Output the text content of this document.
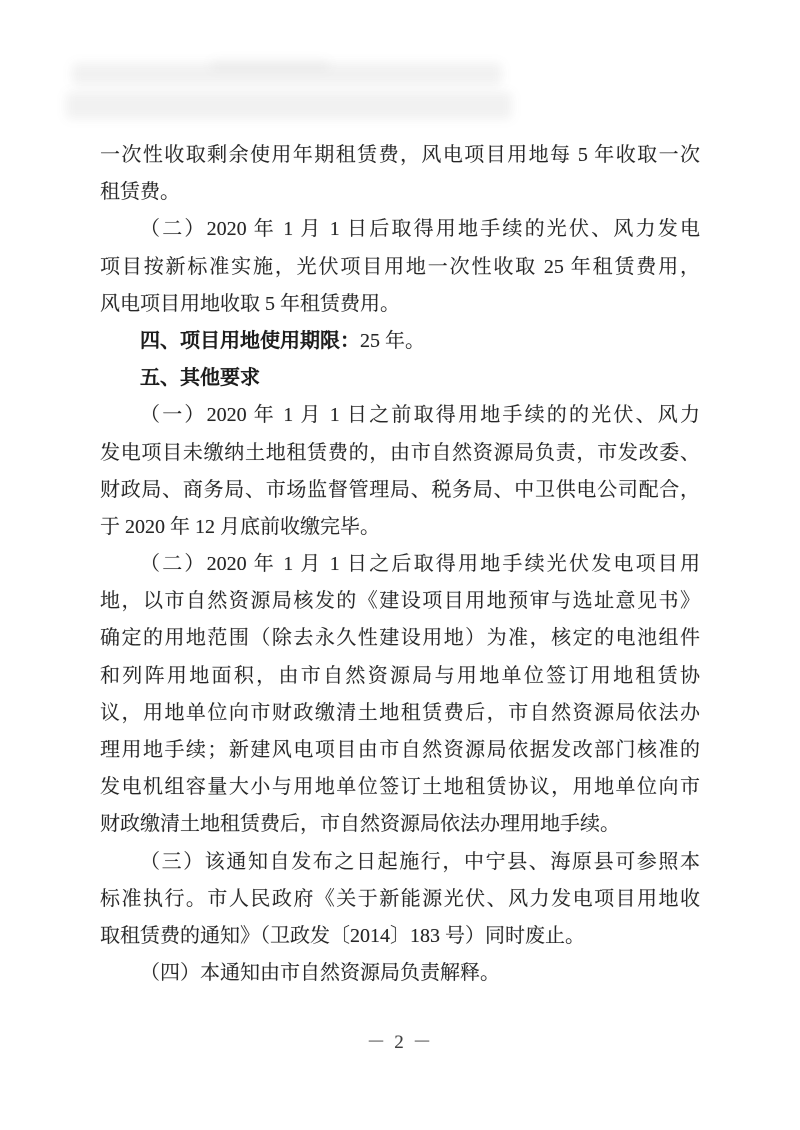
一次性收取剩余使用年期租赁费，风电项目用地每 5 年收取一次
租赁费。
（二）2020 年 1 月 1 日后取得用地手续的光伏、风力发电
项目按新标准实施，光伏项目用地一次性收取 25 年租赁费用，
风电项目用地收取 5 年租赁费用。
四、项目用地使用期限：25 年。
五、其他要求
（一）2020 年 1 月 1 日之前取得用地手续的的光伏、风力
发电项目未缴纳土地租赁费的，由市自然资源局负责，市发改委、
财政局、商务局、市场监督管理局、税务局、中卫供电公司配合，
于 2020 年 12 月底前收缴完毕。
（二）2020 年 1 月 1 日之后取得用地手续光伏发电项目用
地，以市自然资源局核发的《建设项目用地预审与选址意见书》
确定的用地范围（除去永久性建设用地）为准，核定的电池组件
和列阵用地面积，由市自然资源局与用地单位签订用地租赁协
议，用地单位向市财政缴清土地租赁费后，市自然资源局依法办
理用地手续；新建风电项目由市自然资源局依据发改部门核准的
发电机组容量大小与用地单位签订土地租赁协议，用地单位向市
财政缴清土地租赁费后，市自然资源局依法办理用地手续。
（三）该通知自发布之日起施行，中宁县、海原县可参照本
标准执行。市人民政府《关于新能源光伏、风力发电项目用地收
取租赁费的通知》（卫政发〔2014〕183 号）同时废止。
（四）本通知由市自然资源局负责解释。
－ 2 －
